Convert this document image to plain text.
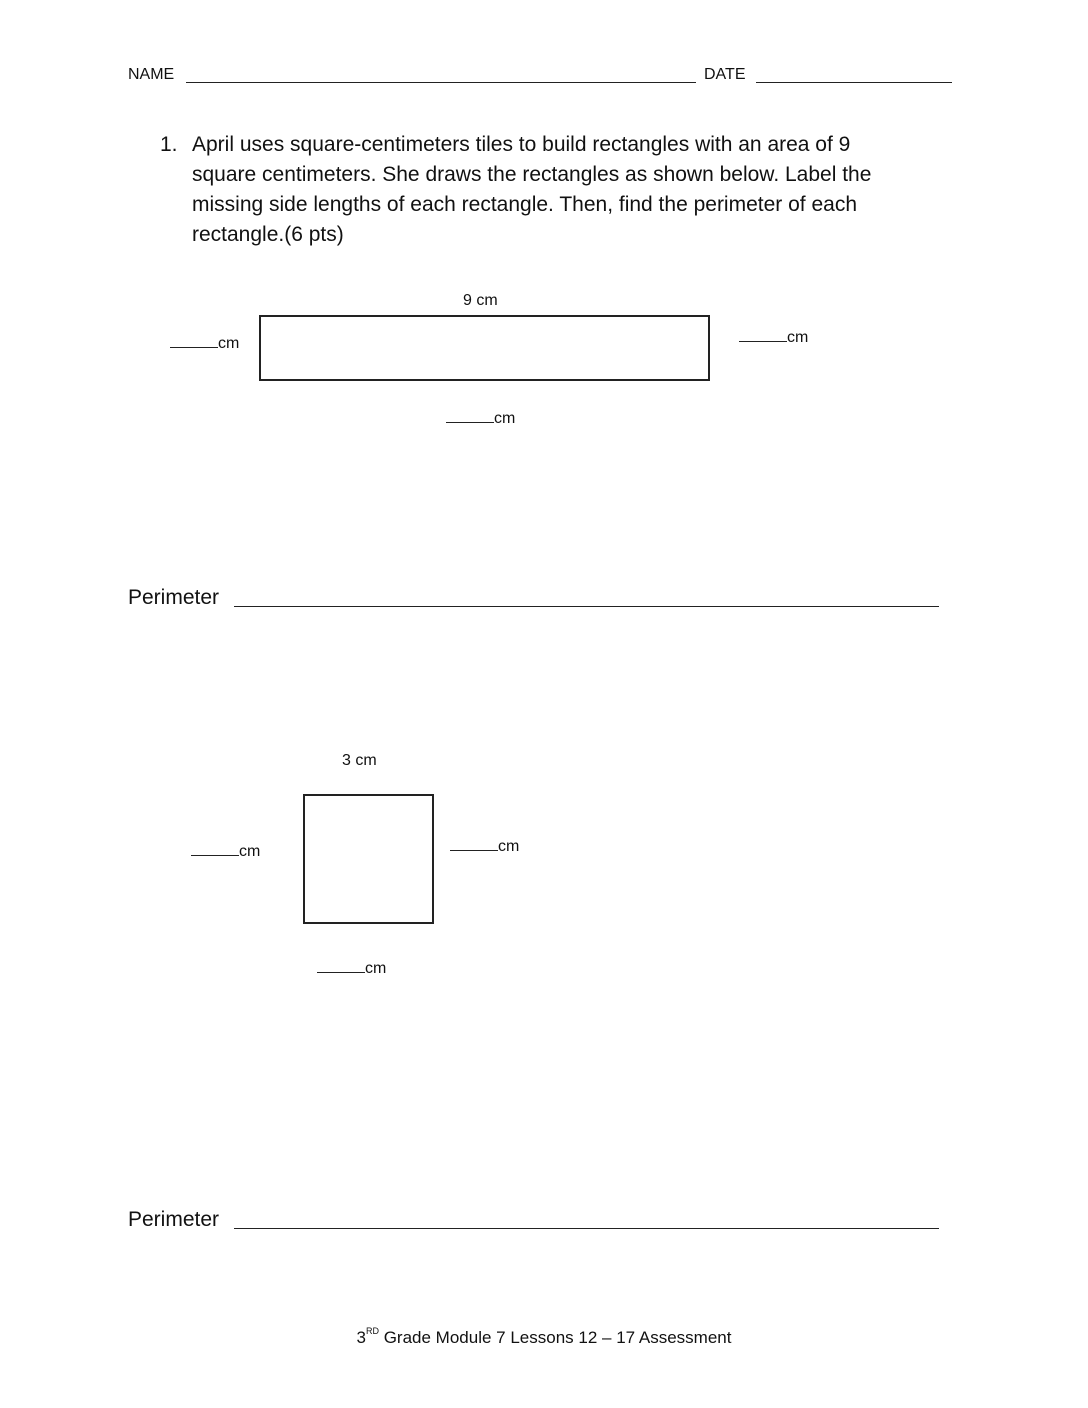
NAME	DATE
1. April uses square-centimeters tiles to build rectangles with an area of 9
square centimeters. She draws the rectangles as shown below. Label the
missing side lengths of each rectangle. Then, find the perimeter of each
rectangle.(6 pts)
9 cm
cm	cm
cm
Perimeter
3 cm
cm	cm
cm
Perimeter
3RD Grade Module 7 Lessons 12 – 17 Assessment
